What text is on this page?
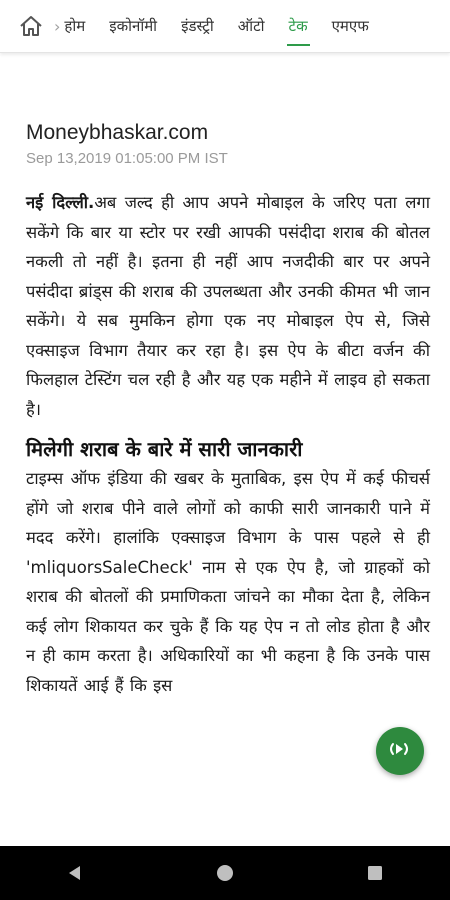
› होम इकोनॉमी इंडस्ट्री ऑटो टेक एमएफ
Moneybhaskar.com
Sep 13,2019 01:05:00 PM IST
नई दिल्ली.अब जल्द ही आप अपने मोबाइल के जरिए पता लगा सकेंगे कि बार या स्टोर पर रखी आपकी पसंदीदा शराब की बोतल नकली तो नहीं है। इतना ही नहीं आप नजदीकी बार पर अपने पसंदीदा ब्रांड्स की शराब की उपलब्धता और उनकी कीमत भी जान सकेंगे। ये सब मुमकिन होगा एक नए मोबाइल ऐप से, जिसे एक्साइज विभाग तैयार कर रहा है। इस ऐप के बीटा वर्जन की फिलहाल टेस्टिंग चल रही है और यह एक महीने में लाइव हो सकता है।
मिलेगी शराब के बारे में सारी जानकारी
टाइम्स ऑफ इंडिया की खबर के मुताबिक, इस ऐप में कई फीचर्स होंगे जो शराब पीने वाले लोगों को काफी सारी जानकारी पाने में मदद करेंगे। हालांकि एक्साइज विभाग के पास पहले से ही 'mliquorsSaleCheck' नाम से एक ऐप है, जो ग्राहकों को शराब की बोतलों की प्रमाणिकता जांचने का मौका देता है, लेकिन कई लोग शिकायत कर चुके हैं कि यह ऐप न तो लोड होता है और न ही काम करता है। अधिकारियों का भी कहना है कि उनके पास शिकायतें आई हैं कि इस
